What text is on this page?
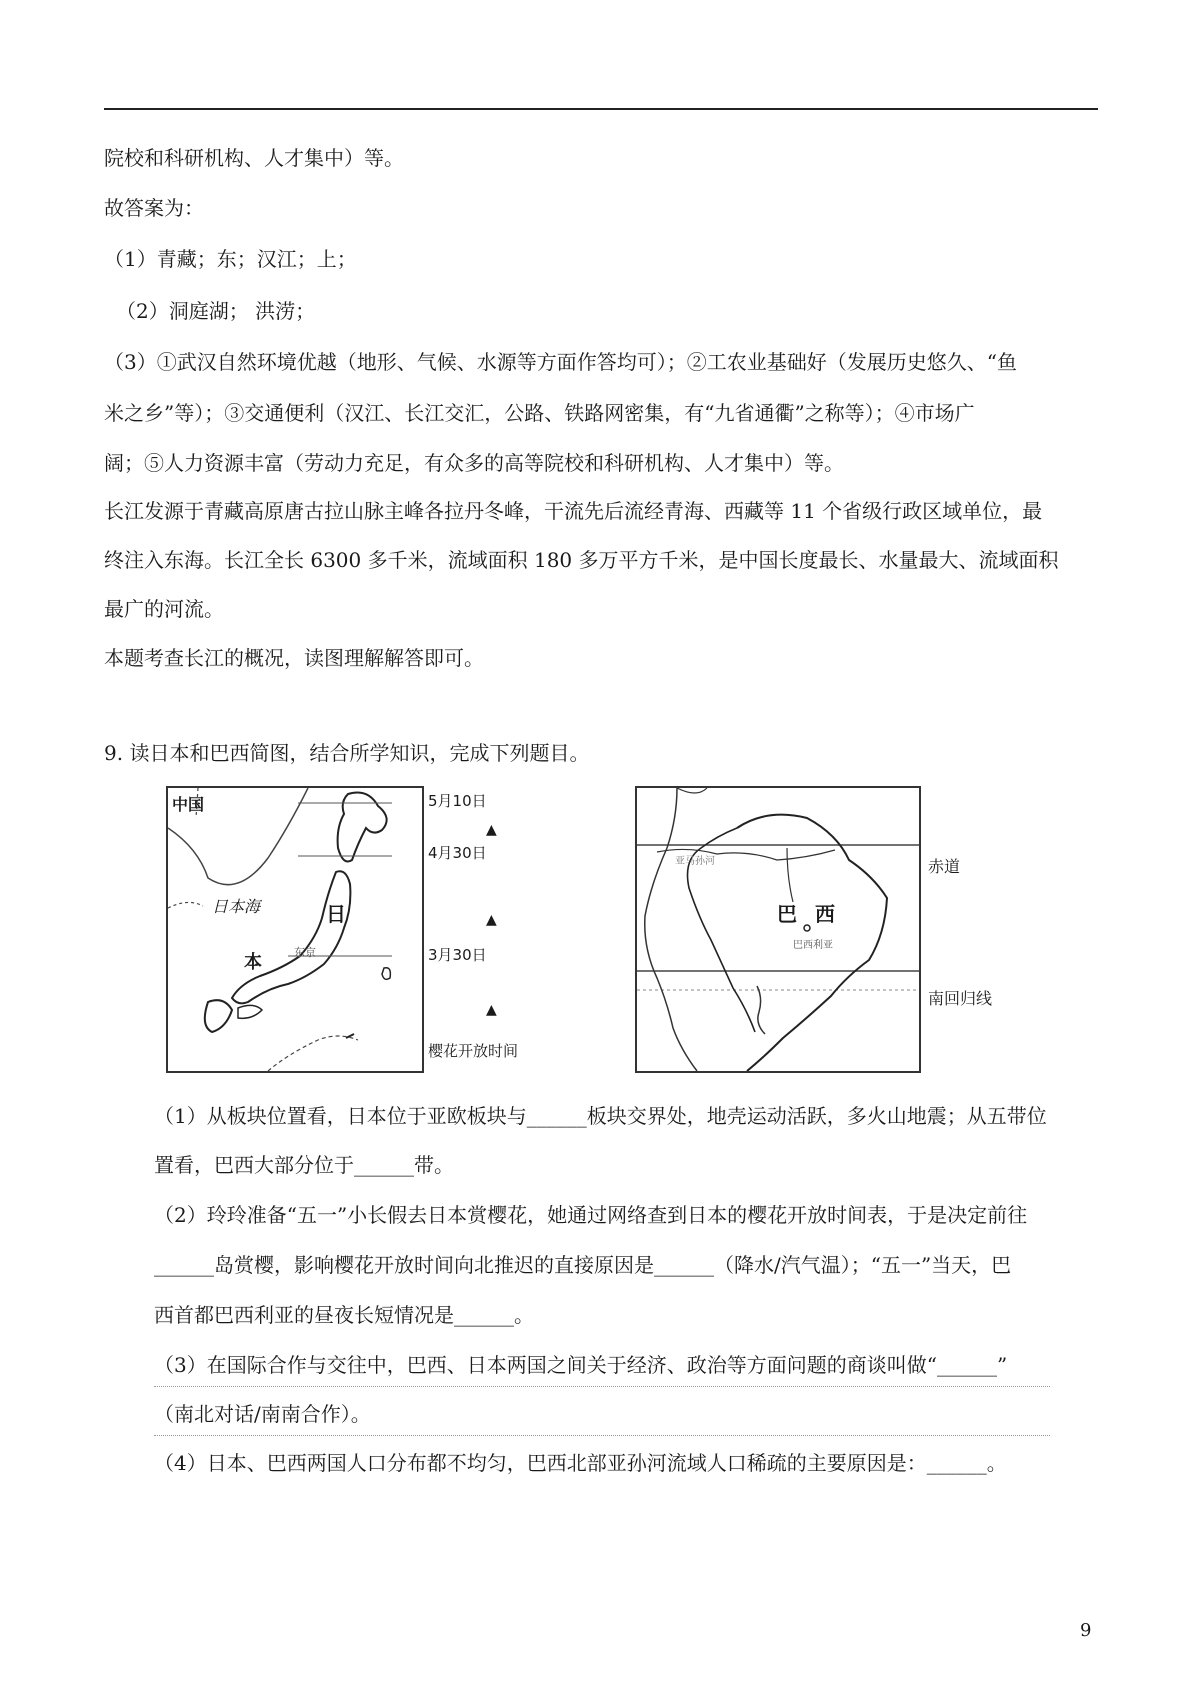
院校和科研机构、人才集中）等。
故答案为：
（1）青藏；东；汉江；上；
（2）洞庭湖； 洪涝；
（3）①武汉自然环境优越（地形、气候、水源等方面作答均可）；②工农业基础好（发展历史悠久、“鱼
米之乡”等）；③交通便利（汉江、长江交汇，公路、铁路网密集，有“九省通衢”之称等）；④市场广
阔；⑤人力资源丰富（劳动力充足，有众多的高等院校和科研机构、人才集中）等。
长江发源于青藏高原唐古拉山脉主峰各拉丹冬峰，干流先后流经青海、西藏等 11 个省级行政区域单位，最
终注入东海。长江全长 6300 多千米，流域面积 180 多万平方千米，是中国长度最长、水量最大、流域面积
最广的河流。
本题考查长江的概况，读图理解解答即可。
9. 读日本和巴西简图，结合所学知识，完成下列题目。
中国
日本海	日
本	东京
5月10日
▲
4月30日
▲
3月30日
▲
樱花开放时间
亚马孙河
巴 西
巴西利亚
赤道
南回归线
（1）从板块位置看，日本位于亚欧板块与______板块交界处，地壳运动活跃，多火山地震；从五带位
置看，巴西大部分位于______带。
（2）玲玲准备“五一”小长假去日本赏樱花，她通过网络查到日本的樱花开放时间表，于是决定前往
______岛赏樱，影响樱花开放时间向北推迟的直接原因是______（降水/汽气温）；“五一”当天，巴
西首都巴西利亚的昼夜长短情况是______。
（3）在国际合作与交往中，巴西、日本两国之间关于经济、政治等方面问题的商谈叫做“______”
（南北对话/南南合作）。
（4）日本、巴西两国人口分布都不均匀，巴西北部亚孙河流域人口稀疏的主要原因是：______。
9
